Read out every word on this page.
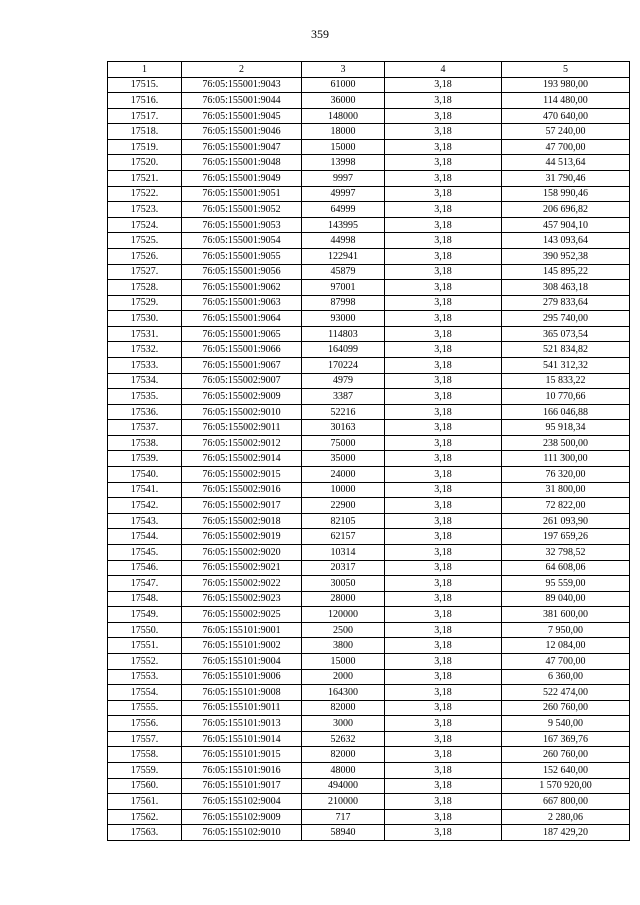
359
1	2	3	4	5
17515.	76:05:155001:9043	61000	3,18	193 980,00
17516.	76:05:155001:9044	36000	3,18	114 480,00
17517.	76:05:155001:9045	148000	3,18	470 640,00
17518.	76:05:155001:9046	18000	3,18	57 240,00
17519.	76:05:155001:9047	15000	3,18	47 700,00
17520.	76:05:155001:9048	13998	3,18	44 513,64
17521.	76:05:155001:9049	9997	3,18	31 790,46
17522.	76:05:155001:9051	49997	3,18	158 990,46
17523.	76:05:155001:9052	64999	3,18	206 696,82
17524.	76:05:155001:9053	143995	3,18	457 904,10
17525.	76:05:155001:9054	44998	3,18	143 093,64
17526.	76:05:155001:9055	122941	3,18	390 952,38
17527.	76:05:155001:9056	45879	3,18	145 895,22
17528.	76:05:155001:9062	97001	3,18	308 463,18
17529.	76:05:155001:9063	87998	3,18	279 833,64
17530.	76:05:155001:9064	93000	3,18	295 740,00
17531.	76:05:155001:9065	114803	3,18	365 073,54
17532.	76:05:155001:9066	164099	3,18	521 834,82
17533.	76:05:155001:9067	170224	3,18	541 312,32
17534.	76:05:155002:9007	4979	3,18	15 833,22
17535.	76:05:155002:9009	3387	3,18	10 770,66
17536.	76:05:155002:9010	52216	3,18	166 046,88
17537.	76:05:155002:9011	30163	3,18	95 918,34
17538.	76:05:155002:9012	75000	3,18	238 500,00
17539.	76:05:155002:9014	35000	3,18	111 300,00
17540.	76:05:155002:9015	24000	3,18	76 320,00
17541.	76:05:155002:9016	10000	3,18	31 800,00
17542.	76:05:155002:9017	22900	3,18	72 822,00
17543.	76:05:155002:9018	82105	3,18	261 093,90
17544.	76:05:155002:9019	62157	3,18	197 659,26
17545.	76:05:155002:9020	10314	3,18	32 798,52
17546.	76:05:155002:9021	20317	3,18	64 608,06
17547.	76:05:155002:9022	30050	3,18	95 559,00
17548.	76:05:155002:9023	28000	3,18	89 040,00
17549.	76:05:155002:9025	120000	3,18	381 600,00
17550.	76:05:155101:9001	2500	3,18	7 950,00
17551.	76:05:155101:9002	3800	3,18	12 084,00
17552.	76:05:155101:9004	15000	3,18	47 700,00
17553.	76:05:155101:9006	2000	3,18	6 360,00
17554.	76:05:155101:9008	164300	3,18	522 474,00
17555.	76:05:155101:9011	82000	3,18	260 760,00
17556.	76:05:155101:9013	3000	3,18	9 540,00
17557.	76:05:155101:9014	52632	3,18	167 369,76
17558.	76:05:155101:9015	82000	3,18	260 760,00
17559.	76:05:155101:9016	48000	3,18	152 640,00
17560.	76:05:155101:9017	494000	3,18	1 570 920,00
17561.	76:05:155102:9004	210000	3,18	667 800,00
17562.	76:05:155102:9009	717	3,18	2 280,06
17563.	76:05:155102:9010	58940	3,18	187 429,20
